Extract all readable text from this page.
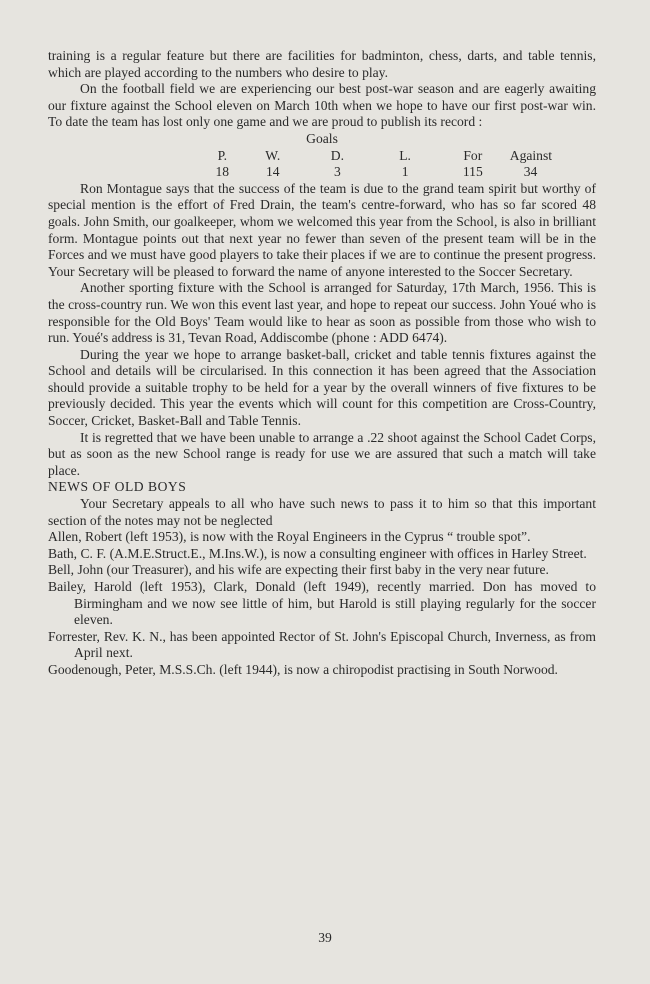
training is a regular feature but there are facilities for badminton, chess, darts, and table tennis, which are played according to the numbers who desire to play.

On the football field we are experiencing our best post-war season and are eagerly awaiting our fixture against the School eleven on March 10th when we hope to have our first post-war win. To date the team has lost only one game and we are proud to publish its record :

Goals					
P.	W.	D.	L.	For	Against
18	14	3	1	115	34

Ron Montague says that the success of the team is due to the grand team spirit but worthy of special mention is the effort of Fred Drain, the team's centre-forward, who has so far scored 48 goals. John Smith, our goalkeeper, whom we welcomed this year from the School, is also in brilliant form. Montague points out that next year no fewer than seven of the present team will be in the Forces and we must have good players to take their places if we are to continue the present progress. Your Secretary will be pleased to forward the name of anyone interested to the Soccer Secretary.

Another sporting fixture with the School is arranged for Saturday, 17th March, 1956. This is the cross-country run. We won this event last year, and hope to repeat our success. John Youé who is responsible for the Old Boys' Team would like to hear as soon as possible from those who wish to run. Youé's address is 31, Tevan Road, Addiscombe (phone : ADD 6474).

During the year we hope to arrange basket-ball, cricket and table tennis fixtures against the School and details will be circularised. In this connection it has been agreed that the Association should provide a suitable trophy to be held for a year by the overall winners of five fixtures to be previously decided. This year the events which will count for this competition are Cross-Country, Soccer, Cricket, Basket-Ball and Table Tennis.

It is regretted that we have been unable to arrange a .22 shoot against the School Cadet Corps, but as soon as the new School range is ready for use we are assured that such a match will take place.

NEWS OF OLD BOYS

Your Secretary appeals to all who have such news to pass it to him so that this important section of the notes may not be neglected

Allen, Robert (left 1953), is now with the Royal Engineers in the Cyprus “ trouble spot”.

Bath, C. F. (A.M.E.Struct.E., M.Ins.W.), is now a consulting engineer with offices in Harley Street.

Bell, John (our Treasurer), and his wife are expecting their first baby in the very near future.

Bailey, Harold (left 1953), Clark, Donald (left 1949), recently married. Don has moved to Birmingham and we now see little of him, but Harold is still playing regularly for the soccer eleven.

Forrester, Rev. K. N., has been appointed Rector of St. John's Episcopal Church, Inverness, as from April next.

Goodenough, Peter, M.S.S.Ch. (left 1944), is now a chiropodist practising in South Norwood.

39
